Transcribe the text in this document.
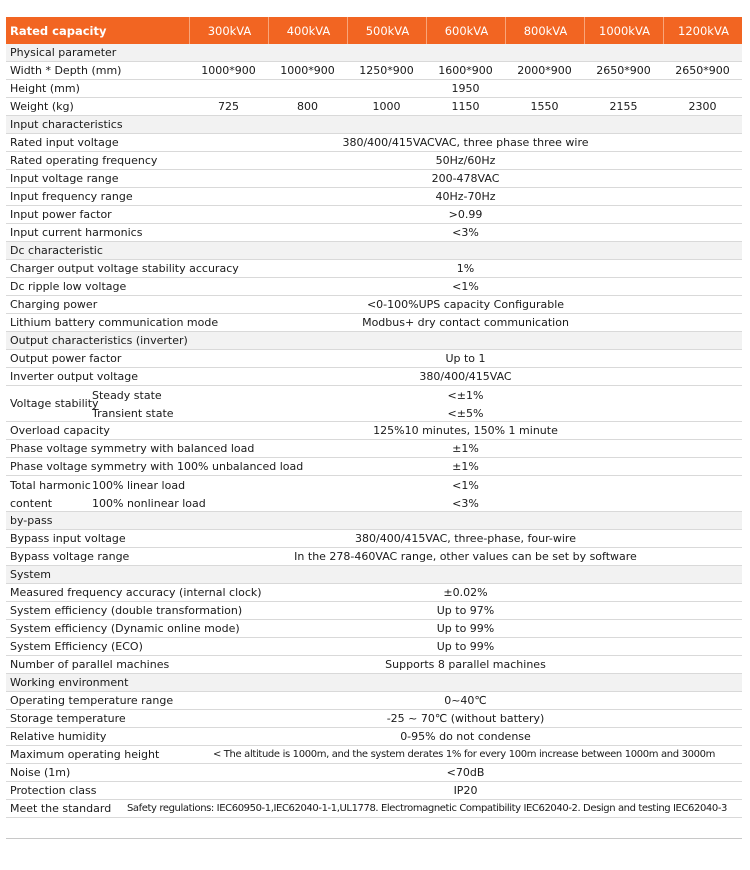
Rated capacity	300kVA	400kVA	500kVA	600kVA	800kVA	1000kVA	1200kVA
Physical parameter
Width * Depth (mm)	1000*900	1000*900	1250*900	1600*900	2000*900	2650*900	2650*900
Height (mm)	1950
Weight (kg)	725	800	1000	1150	1550	2155	2300
Input characteristics
Rated input voltage	380/400/415VACVAC, three phase three wire
Rated operating frequency	50Hz/60Hz
Input voltage range	200-478VAC
Input frequency range	40Hz-70Hz
Input power factor	>0.99
Input current harmonics	<3%
Dc characteristic
Charger output voltage stability accuracy	1%
Dc ripple low voltage	<1%
Charging power	<0-100%UPS capacity Configurable
Lithium battery communication mode	Modbus+ dry contact communication
Output characteristics (inverter)
Output power factor	Up to 1
Inverter output voltage	380/400/415VAC
Voltage stability
Steady state	<±1%
Transient state	<±5%
Overload capacity	125%10 minutes, 150% 1 minute
Phase voltage symmetry with balanced load	±1%
Phase voltage symmetry with 100% unbalanced load	±1%
Total harmonic
content
100% linear load	<1%
100% nonlinear load	<3%
by-pass
Bypass input voltage	380/400/415VAC, three-phase, four-wire
Bypass voltage range	In the 278-460VAC range, other values can be set by software
System
Measured frequency accuracy (internal clock)	±0.02%
System efficiency (double transformation)	Up to 97%
System efficiency (Dynamic online mode)	Up to 99%
System Efficiency (ECO)	Up to 99%
Number of parallel machines	Supports 8 parallel machines
Working environment
Operating temperature range	0~40℃
Storage temperature	-25 ~ 70℃ (without battery)
Relative humidity	0-95% do not condense
Maximum operating height	< The altitude is 1000m, and the system derates 1% for every 100m increase between 1000m and 3000m
Noise (1m)	<70dB
Protection class	IP20
Meet the standard	Safety regulations: IEC60950-1,IEC62040-1-1,UL1778. Electromagnetic Compatibility IEC62040-2. Design and testing IEC62040-3
